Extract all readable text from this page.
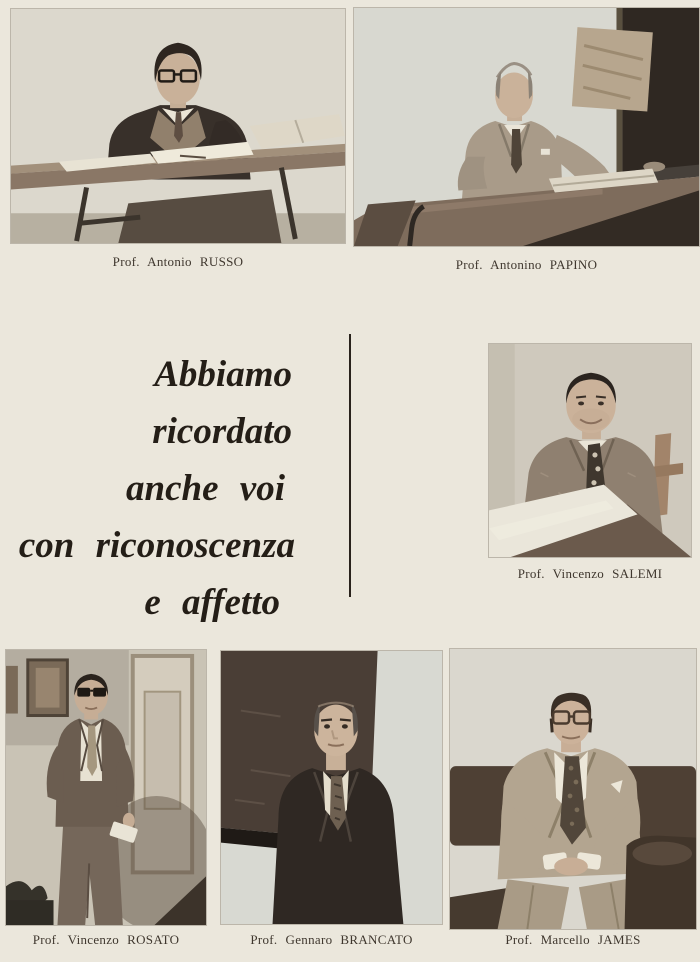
Prof. Antonio RUSSO	Prof. Antonino PAPINO
Abbiamo ricordato
anche voi
con riconoscenza
e affetto
Prof. Vincenzo SALEMI
Prof. Vincenzo ROSATO	Prof. Gennaro BRANCATO	Prof. Marcello JAMES
